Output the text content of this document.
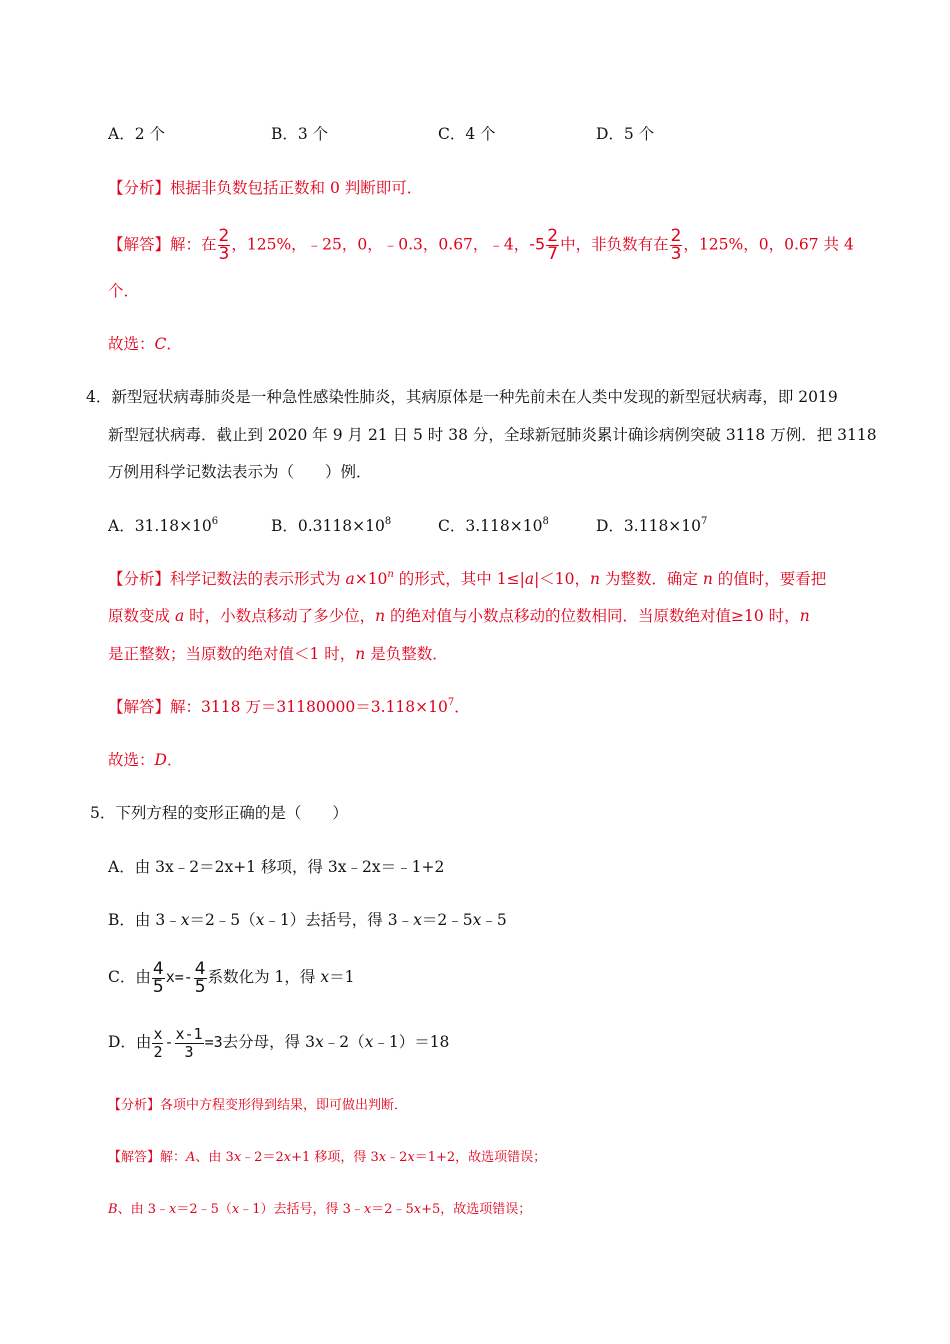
A．2 个	B．3 个	C．4 个	D．5 个
【分析】根据非负数包括正数和 0 判断即可．
【解答】解：在 $\frac{2}{3}$ ，125%，﹣25，0，﹣0.3，0.67，﹣4，$-5 \frac{2}{7}$ 中，非负数有在 $\frac{2}{3}$ ，125%，0，0.67 共 4
个．
故选：C．
4．新型冠状病毒肺炎是一种急性感染性肺炎，其病原体是一种先前未在人类中发现的新型冠状病毒，即 2019
新型冠状病毒．截止到 2020 年 9 月 21 日 5 时 38 分，全球新冠肺炎累计确诊病例突破 3118 万例．把 3118
万例用科学记数法表示为（　　）例．
A．$31.18\times 10^6$	B．$0.3118\times 10^8$	C．$3.118\times 10^8$	D．$3.118\times 10^7$
【分析】科学记数法的表示形式为 $a\times 10^n$ 的形式，其中 1≤|a|＜10，n 为整数．确定 n 的值时，要看把
原数变成 a 时，小数点移动了多少位，n 的绝对值与小数点移动的位数相同．当原数绝对值≥10 时，n
是正整数；当原数的绝对值＜1 时，n 是负整数．
【解答】解：3118 万$=31180000=3.118\times 10^7$．
故选：D．
5．下列方程的变形正确的是（　　）
A．由 3x﹣2＝2x+1 移项，得 3x﹣2x＝﹣1+2
B．由 3﹣x＝2﹣5（x﹣1）去括号，得 3﹣x＝2﹣5x﹣5
C．由 $\frac{4}{5} x=- \frac{4}{5}$ 系数化为 1，得 x＝1
D．由 $\frac{x}{2} - \frac{x-1}{3} =3$去分母，得 3x﹣2（x﹣1）＝18
【分析】各项中方程变形得到结果，即可做出判断．
【解答】解：A、由 3x﹣2＝2x+1 移项，得 3x﹣2x＝1+2，故选项错误；
B、由 3﹣x＝2﹣5（x﹣1）去括号，得 3﹣x＝2﹣5x+5，故选项错误；
